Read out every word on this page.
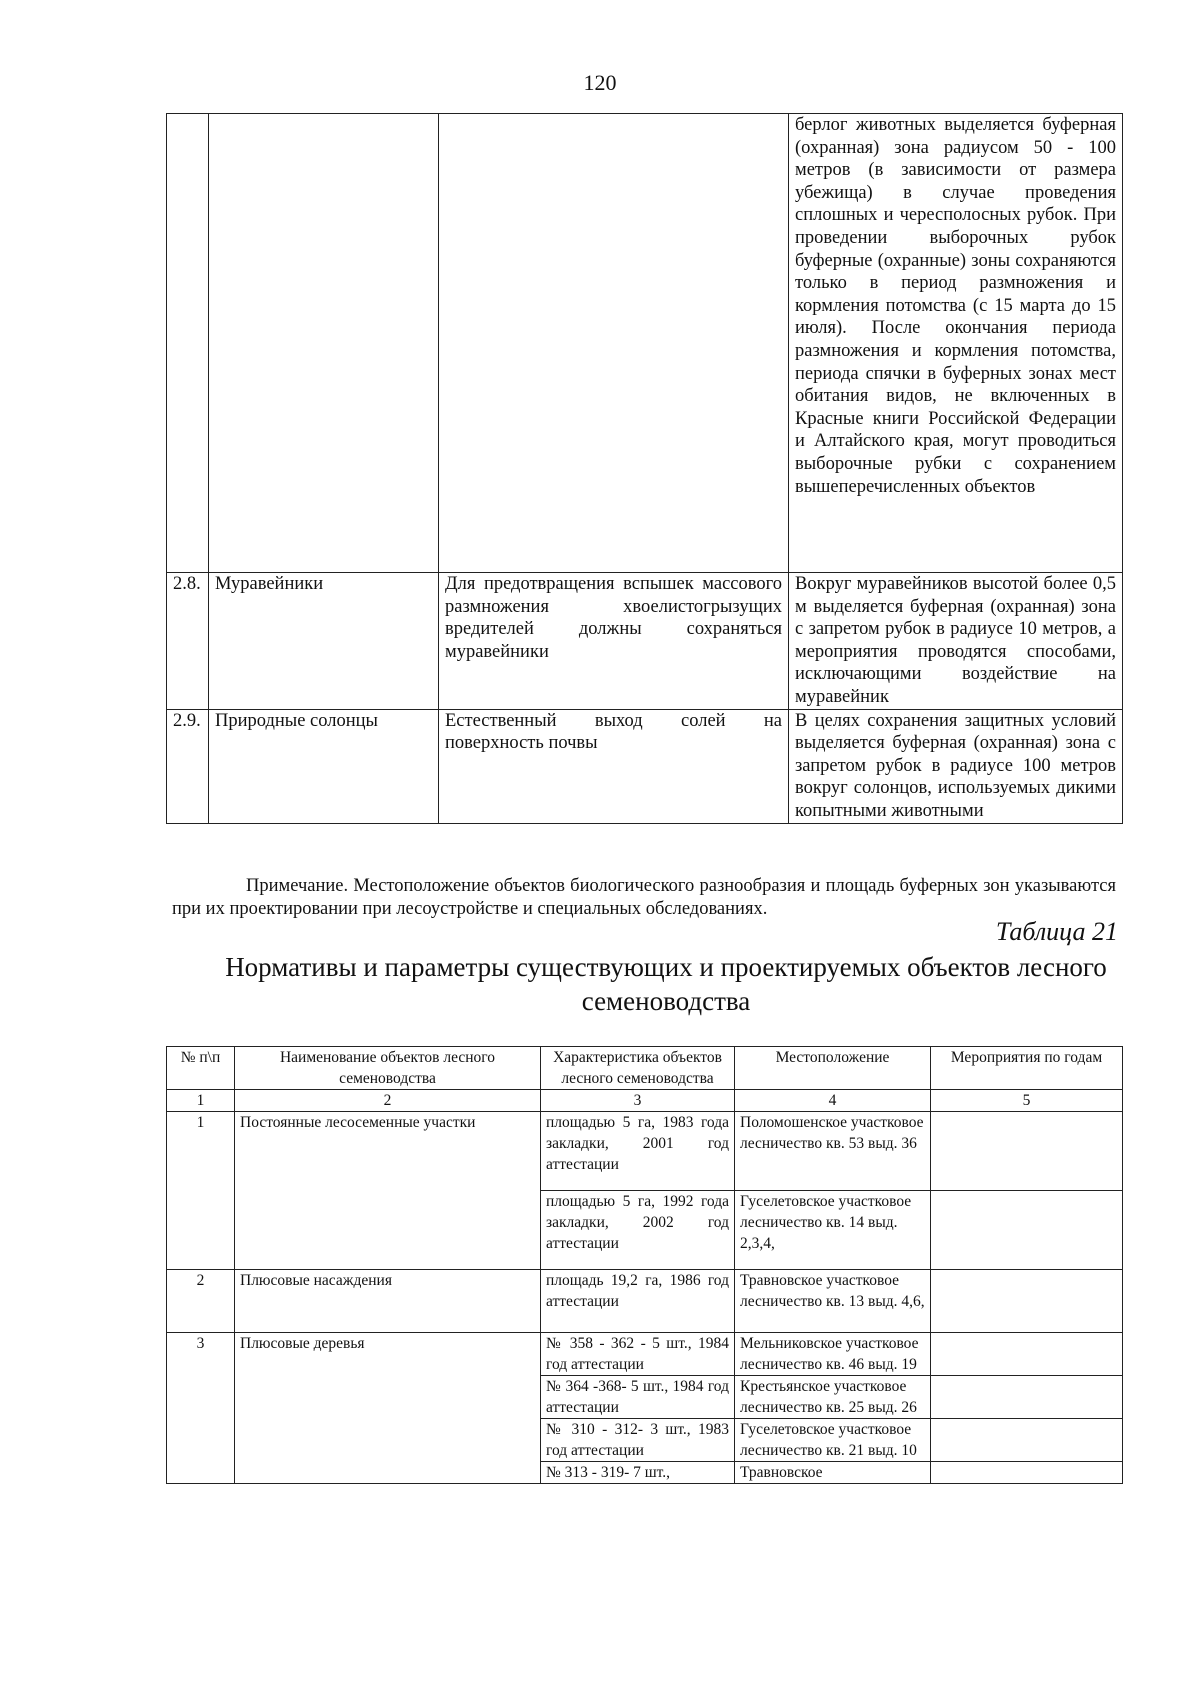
120
			берлог животных выделяется буферная (охранная) зона радиусом 50 - 100 метров (в зависимости от размера убежища) в случае проведения сплошных и чересполосных рубок. При проведении выборочных рубок буферные (охранные) зоны сохраняются только в период размножения и кормления потомства (с 15 марта до 15 июля). После окончания периода размножения и кормления потомства, периода спячки в буферных зонах мест обитания видов, не включенных в Красные книги Российской Федерации и Алтайского края, могут проводиться выборочные рубки с сохранением вышеперечисленных объектов
2.8.	Муравейники	Для предотвращения вспышек массового размножения хвоелистогрызущих вредителей должны сохраняться муравейники	Вокруг муравейников высотой более 0,5 м выделяется буферная (охранная) зона с запретом рубок в радиусе 10 метров, а мероприятия проводятся способами, исключающими воздействие на муравейник
2.9.	Природные солонцы	Естественный выход солей на поверхность почвы	В целях сохранения защитных условий выделяется буферная (охранная) зона с запретом рубок в радиусе 100 метров вокруг солонцов, используемых дикими копытными животными
Примечание. Местоположение объектов биологического разнообразия и площадь буферных зон указываются при их проектировании при лесоустройстве и специальных обследованиях.
Таблица 21
Нормативы и параметры существующих и проектируемых объектов лесного семеноводства
№ п\п	Наименование объектов лесного семеноводства	Характеристика объектов лесного семеноводства	Местоположение	Мероприятия по годам
1	2	3	4	5
1	Постоянные лесосеменные участки	площадью 5 га, 1983 года закладки, 2001 год аттестации	Поломошенское участковое лесничество кв. 53 выд. 36	
		площадью 5 га, 1992 года закладки, 2002 год аттестации	Гуселетовское участковое лесничество кв. 14 выд. 2,3,4,	
2	Плюсовые насаждения	площадь 19,2 га, 1986 год аттестации	Травновское участковое лесничество кв. 13 выд. 4,6,	
3	Плюсовые деревья	№ 358 - 362 - 5 шт., 1984 год аттестации	Мельниковское участковое лесничество кв. 46 выд. 19	
		№ 364 -368- 5 шт., 1984 год аттестации	Крестьянское участковое лесничество кв. 25 выд. 26	
		№ 310 - 312- 3 шт., 1983 год аттестации	Гуселетовское участковое лесничество кв. 21 выд. 10	
		№ 313 - 319- 7 шт.,	Травновское	
